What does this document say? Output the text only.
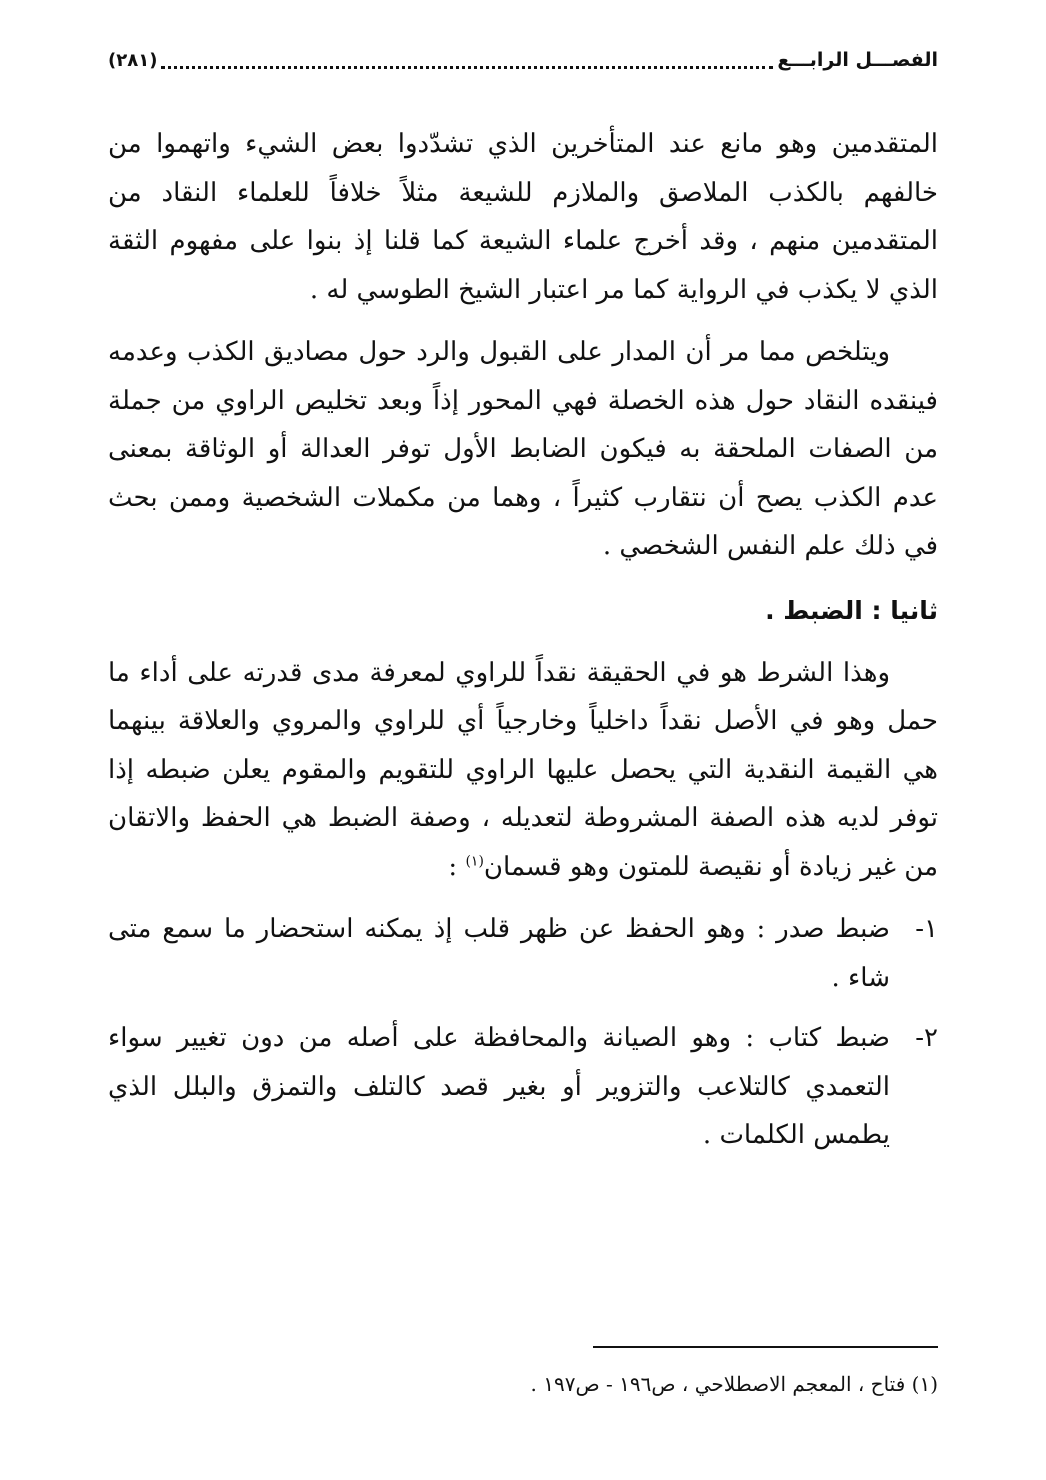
الفصـــل الرابـــع
(٢٨١)

المتقدمين وهو مانع عند المتأخرين الذي تشدّدوا بعض الشيء واتهموا من خالفهم بالكذب الملاصق والملازم للشيعة مثلاً خلافاً للعلماء النقاد من المتقدمين منهم ، وقد أخرج علماء الشيعة كما قلنا إذ بنوا على مفهوم الثقة الذي لا يكذب في الرواية كما مر اعتبار الشيخ الطوسي له .

ويتلخص مما مر أن المدار على القبول والرد حول مصاديق الكذب وعدمه فينقده النقاد حول هذه الخصلة فهي المحور إذاً وبعد تخليص الراوي من جملة من الصفات الملحقة به فيكون الضابط الأول توفر العدالة أو الوثاقة بمعنى عدم الكذب يصح أن نتقارب كثيراً ، وهما من مكملات الشخصية وممن بحث في ذلك علم النفس الشخصي .

ثانيا : الضبط .

وهذا الشرط هو في الحقيقة نقداً للراوي لمعرفة مدى قدرته على أداء ما حمل وهو في الأصل نقداً داخلياً وخارجياً أي للراوي والمروي والعلاقة بينهما هي القيمة النقدية التي يحصل عليها الراوي للتقويم والمقوم يعلن ضبطه إذا توفر لديه هذه الصفة المشروطة لتعديله ، وصفة الضبط هي الحفظ والاتقان من غير زيادة أو نقيصة للمتون وهو قسمان$^{(١)}$ :

١-
ضبط صدر : وهو الحفظ عن ظهر قلب إذ يمكنه استحضار ما سمع متى شاء .
٢-
ضبط كتاب : وهو الصيانة والمحافظة على أصله من دون تغيير سواء التعمدي كالتلاعب والتزوير أو بغير قصد كالتلف والتمزق والبلل الذي يطمس الكلمات .
(١) فتاح ، المعجم الاصطلاحي ، ص١٩٦ - ص١٩٧ .
